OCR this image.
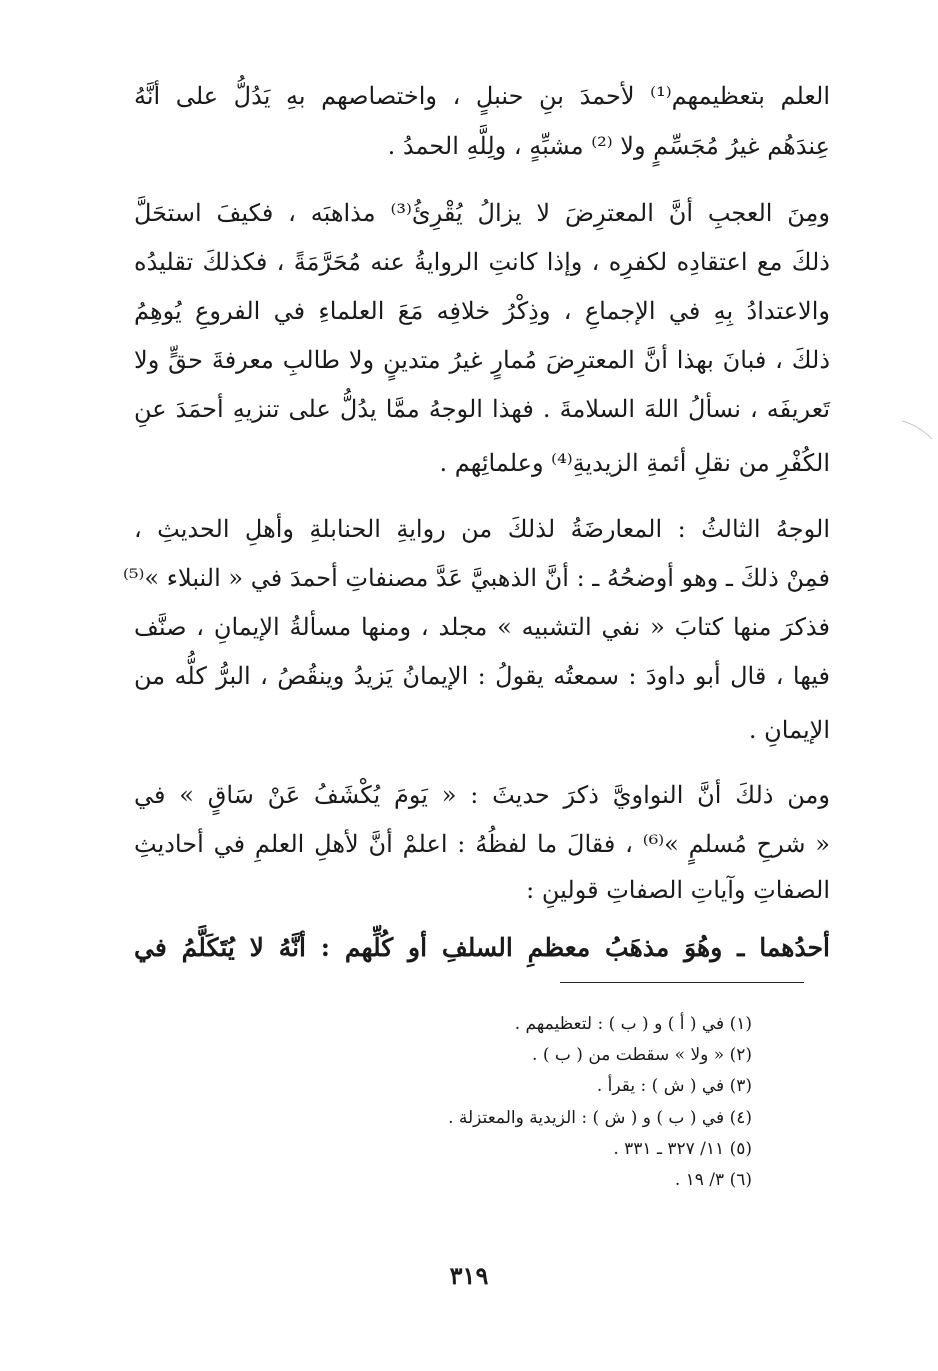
العلم بتعظيمهم⁽¹⁾ لأحمدَ بنِ حنبلٍ ، واختصاصهم بهِ يَدُلُّ على أنَّهُ
عِندَهُم غيرُ مُجَسِّمٍ ولا ⁽²⁾ مشبِّهٍ ، ولِلَّهِ الحمدُ .
ومِنَ العجبِ أنَّ المعترِضَ لا يزالُ يُقْرِئُ⁽³⁾ مذاهبَه ، فكيفَ استحَلَّ
ذلكَ مع اعتقادِه لكفرِه ، وإذا كانتِ الروايةُ عنه مُحَرَّمَةً ، فكذلكَ تقليدُه
والاعتدادُ بِهِ في الإجماعِ ، وذِكْرُ خلافِه مَعَ العلماءِ في الفروعِ يُوهِمُ
ذلكَ ، فبانَ بهذا أنَّ المعترِضَ مُمارٍ غيرُ متدينٍ ولا طالبِ معرفةَ حقٍّ ولا
تَعريفَه ، نسألُ اللهَ السلامةَ . فهذا الوجهُ ممَّا يدُلُّ على تنزيهِ أحمَدَ عنِ
الكُفْرِ من نقلِ أئمةِ الزيديةِ⁽⁴⁾ وعلمائِهم .
الوجهُ الثالثُ : المعارضَةُ لذلكَ من روايةِ الحنابلةِ وأهلِ الحديثِ ،
فمِنْ ذلكَ ـ وهو أوضحُهُ ـ : أنَّ الذهبيَّ عَدَّ مصنفاتِ أحمدَ في « النبلاء »⁽⁵⁾
فذكرَ منها كتابَ « نفي التشبيه » مجلد ، ومنها مسألةُ الإيمانِ ، صنَّف
فيها ، قال أبو داودَ : سمعتُه يقولُ : الإيمانُ يَزيدُ وينقُصُ ، البرُّ كلُّه من
الإيمانِ .
ومن ذلكَ أنَّ النواويَّ ذكرَ حديثَ : « يَومَ يُكْشَفُ عَنْ سَاقٍ » في
« شرحِ مُسلمٍ »⁽⁶⁾ ، فقالَ ما لفظُهُ : اعلمْ أنَّ لأهلِ العلمِ في أحاديثِ
الصفاتِ وآياتِ الصفاتِ قولينِ :
أحدُهما ـ وهُوَ مذهَبُ معظمِ السلفِ أو كُلِّهم : أنَّهُ لا يُتَكَلَّمُ في
(١) في ( أ ) و ( ب ) : لتعظيمهم .
(٢) « ولا » سقطت من ( ب ) .
(٣) في ( ش ) : يقرأ .
(٤) في ( ب ) و ( ش ) : الزيدية والمعتزلة .
(٥) ١١/ ٣٢٧ ـ ٣٣١ .
(٦) ٣/ ١٩ .
٣١٩
